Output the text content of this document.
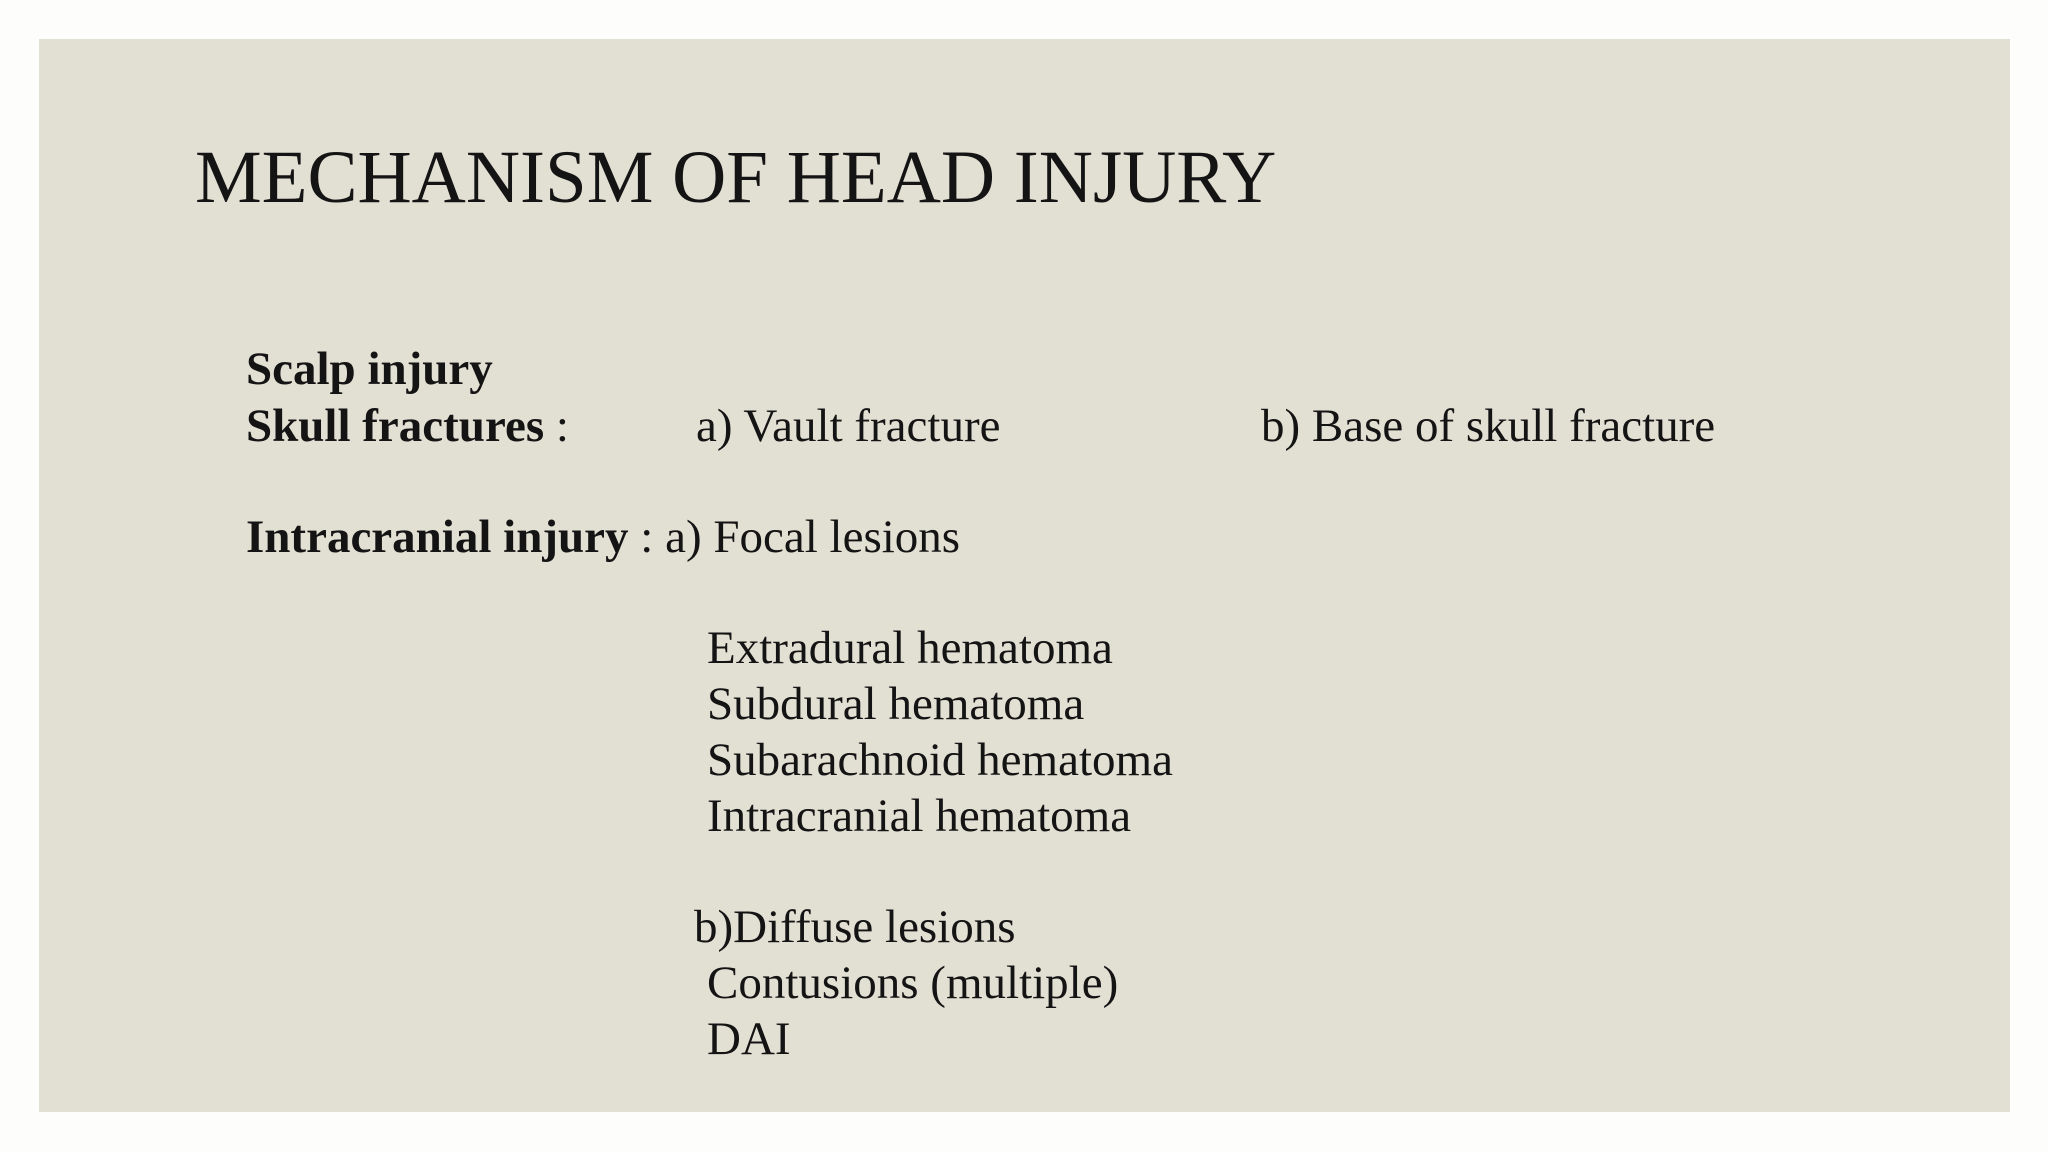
MECHANISM OF HEAD INJURY
Scalp injury
Skull fractures :	a) Vault fracture	b) Base of skull fracture
Intracranial injury : a) Focal lesions
Extradural hematoma
Subdural hematoma
Subarachnoid hematoma
Intracranial hematoma
b)Diffuse lesions
Contusions (multiple)
DAI
